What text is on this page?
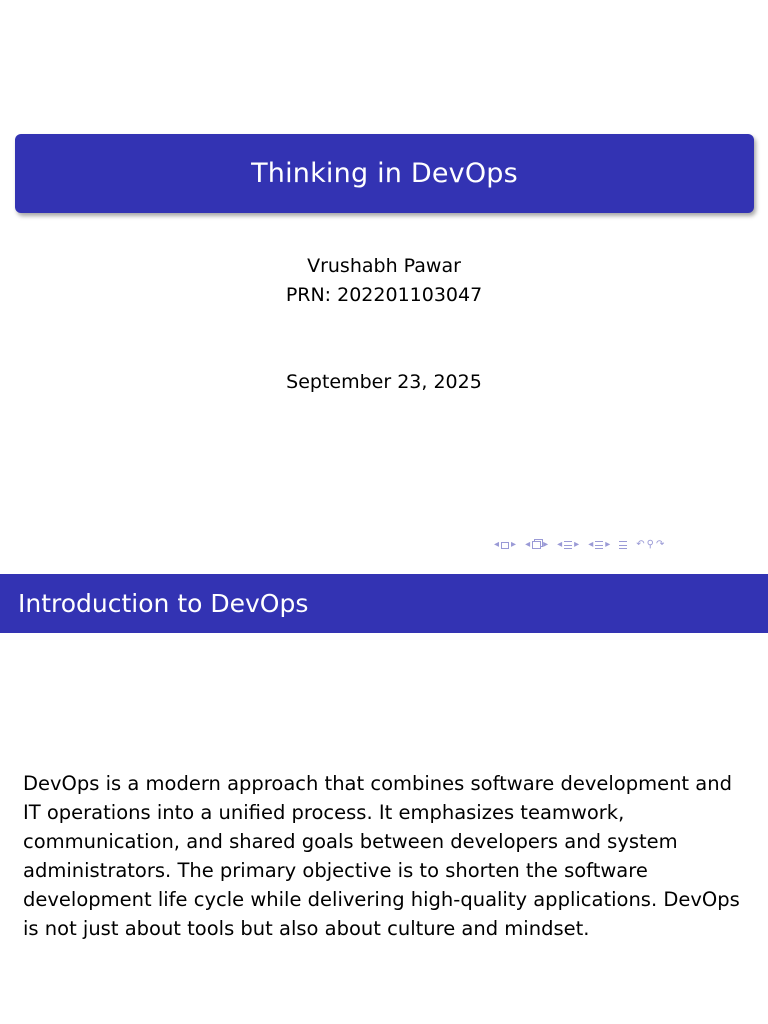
Thinking in DevOps
Vrushabh Pawar
PRN: 202201103047
September 23, 2025
◂ ▸ ◂ ▸ ◂ ▸ ◂ ▸	↶ ⚲ ↷
Introduction to DevOps

DevOps is a modern approach that combines software development and IT operations into a unified process. It emphasizes teamwork, communication, and shared goals between developers and system administrators. The primary objective is to shorten the software development life cycle while delivering high-quality applications. DevOps is not just about tools but also about culture and mindset.
